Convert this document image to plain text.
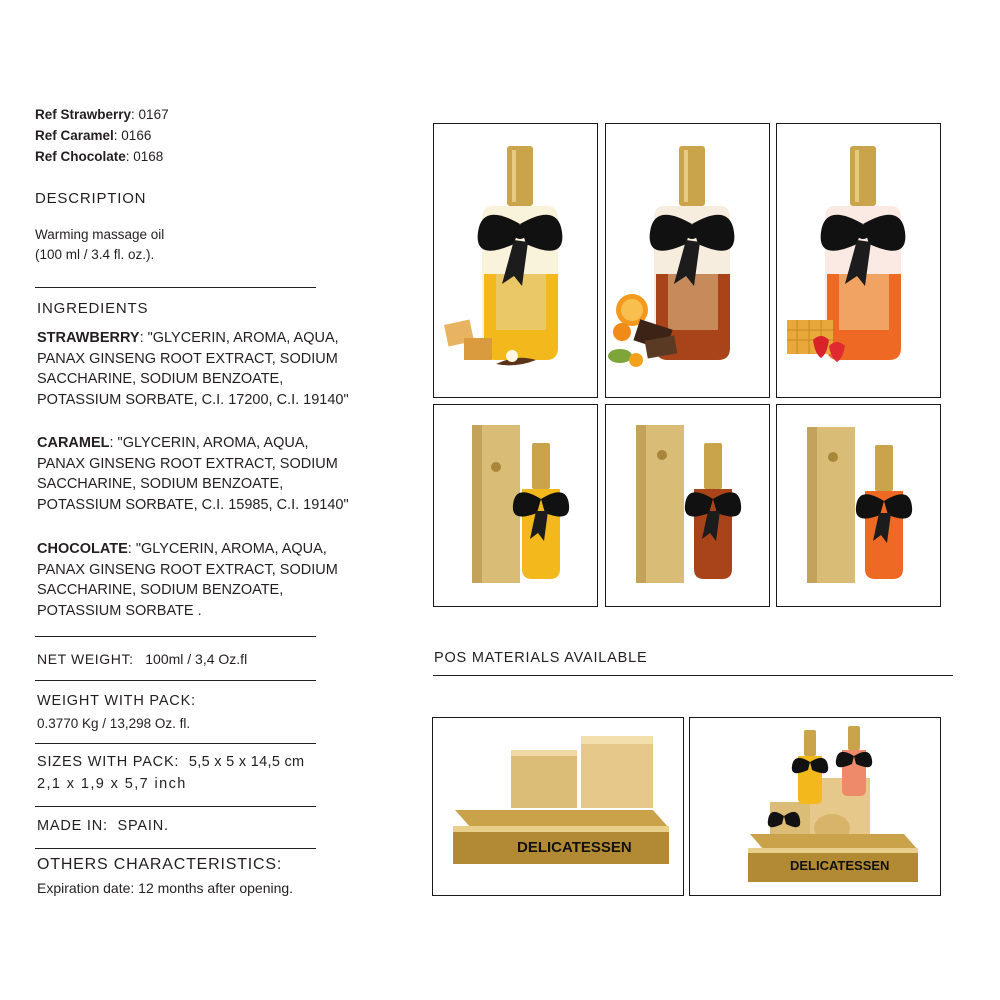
Ref Strawberry: 0167
Ref Caramel: 0166
Ref Chocolate: 0168
DESCRIPTION
Warming massage oil
(100 ml / 3.4 fl. oz.).
INGREDIENTS
STRAWBERRY: "GLYCERIN, AROMA, AQUA,
PANAX GINSENG ROOT EXTRACT, SODIUM
SACCHARINE, SODIUM BENZOATE,
POTASSIUM SORBATE, C.I. 17200, C.I. 19140"
CARAMEL: "GLYCERIN, AROMA, AQUA,
PANAX GINSENG ROOT EXTRACT, SODIUM
SACCHARINE, SODIUM BENZOATE,
POTASSIUM SORBATE, C.I. 15985, C.I. 19140"
CHOCOLATE: "GLYCERIN, AROMA, AQUA,
PANAX GINSENG ROOT EXTRACT, SODIUM
SACCHARINE, SODIUM BENZOATE,
POTASSIUM SORBATE .
NET WEIGHT: 100ml / 3,4 Oz.fl
WEIGHT WITH PACK:
0.3770 Kg / 13,298 Oz. fl.
SIZES WITH PACK: 5,5 x 5 x 14,5 cm
2,1 x 1,9 x 5,7 inch
MADE IN: SPAIN.
OTHERS CHARACTERISTICS:
Expiration date: 12 months after opening.
POS MATERIALS AVAILABLE
DELICATESSEN
DELICATESSEN
